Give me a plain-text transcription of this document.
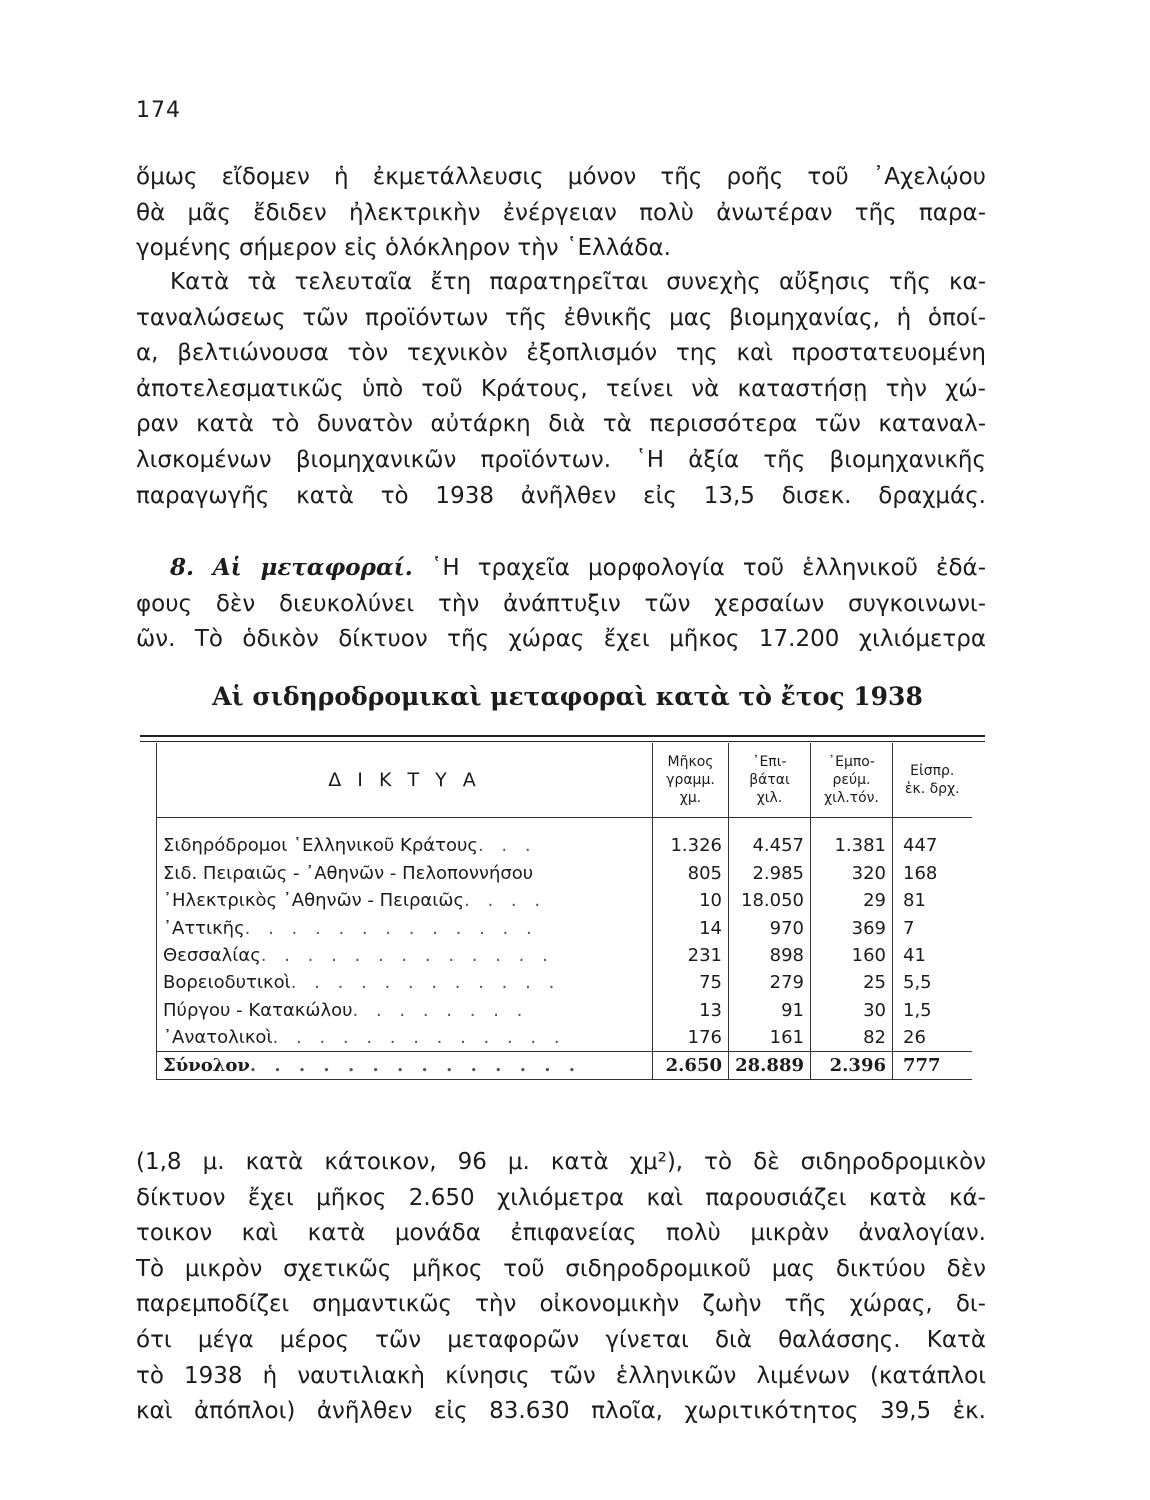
174

ὅμως εἴδομεν ἡ ἐκμετάλλευσις μόνον τῆς ροῆς τοῦ ᾿Αχελῴου
θὰ μᾶς ἔδιδεν ἠλεκτρικὴν ἐνέργειαν πολὺ ἀνωτέραν τῆς παρα-
γομένης σήμερον εἰς ὁλόκληρον τὴν ῾Ελλάδα.

Κατὰ τὰ τελευταῖα ἔτη παρατηρεῖται συνεχὴς αὔξησις τῆς κα-
ταναλώσεως τῶν προϊόντων τῆς ἐθνικῆς μας βιομηχανίας, ἡ ὁποί-
α, βελτιώνουσα τὸν τεχνικὸν ἐξοπλισμόν της καὶ προστατευομένη
ἀποτελεσματικῶς ὑπὸ τοῦ Κράτους, τείνει νὰ καταστήσῃ τὴν χώ-
ραν κατὰ τὸ δυνατὸν αὐτάρκη διὰ τὰ περισσότερα τῶν καταναλ-
λισκομένων βιομηχανικῶν προϊόντων. ῾Η ἀξία τῆς βιομηχανικῆς
παραγωγῆς κατὰ τὸ 1938 ἀνῆλθεν εἰς 13,5 δισεκ. δραχμάς.

8. Αἱ μεταφοραί. ῾Η τραχεῖα μορφολογία τοῦ ἑλληνικοῦ ἐδά-
φους δὲν διευκολύνει τὴν ἀνάπτυξιν τῶν χερσαίων συγκοινωνι-
ῶν. Τὸ ὁδικὸν δίκτυον τῆς χώρας ἔχει μῆκος 17.200 χιλιόμετρα

Αἱ σιδηροδρομικαὶ μεταφοραὶ κατὰ τὸ ἔτος 1938
Δ Ι Κ Τ Υ Α	Μῆκος
γραμμ.
χμ.	᾿Επι-
βάται
χιλ.	᾿Εμπο-
ρεύμ.
χιλ.τόν.	Εἰσπρ.
ἑκ. δρχ.
Σιδηρόδρομοι ῾Ελληνικοῦ Κράτους. . .	1.326	4.457	1.381	447
Σιδ. Πειραιῶς - ᾿Αθηνῶν - Πελοποννήσου	805	2.985	320	168
᾿Ηλεκτρικὸς ᾿Αθηνῶν - Πειραιῶς. . . .	10	18.050	29	81
᾿Αττικῆς. . . . . . . . . . . . .	14	970	369	7
Θεσσαλίας. . . . . . . . . . . . .	231	898	160	41
Βορειοδυτικοὶ. . . . . . . . . . . .	75	279	25	5,5
Πύργου - Κατακώλου. . . . . . . .	13	91	30	1,5
᾿Ανατολικοὶ. . . . . . . . . . . . .	176	161	82	26
Σύνολον. . . . . . . . . . . . . .	2.650	28.889	2.396	777

(1,8 μ. κατὰ κάτοικον, 96 μ. κατὰ χμ²), τὸ δὲ σιδηροδρομικὸν
δίκτυον ἔχει μῆκος 2.650 χιλιόμετρα καὶ παρουσιάζει κατὰ κά-
τοικον καὶ κατὰ μονάδα ἐπιφανείας πολὺ μικρὰν ἀναλογίαν.
Τὸ μικρὸν σχετικῶς μῆκος τοῦ σιδηροδρομικοῦ μας δικτύου δὲν
παρεμποδίζει σημαντικῶς τὴν οἰκονομικὴν ζωὴν τῆς χώρας, δι-
ότι μέγα μέρος τῶν μεταφορῶν γίνεται διὰ θαλάσσης. Κατὰ
τὸ 1938 ἡ ναυτιλιακὴ κίνησις τῶν ἑλληνικῶν λιμένων (κατάπλοι
καὶ ἀπόπλοι) ἀνῆλθεν εἰς 83.630 πλοῖα, χωριτικότητος 39,5 ἑκ.
